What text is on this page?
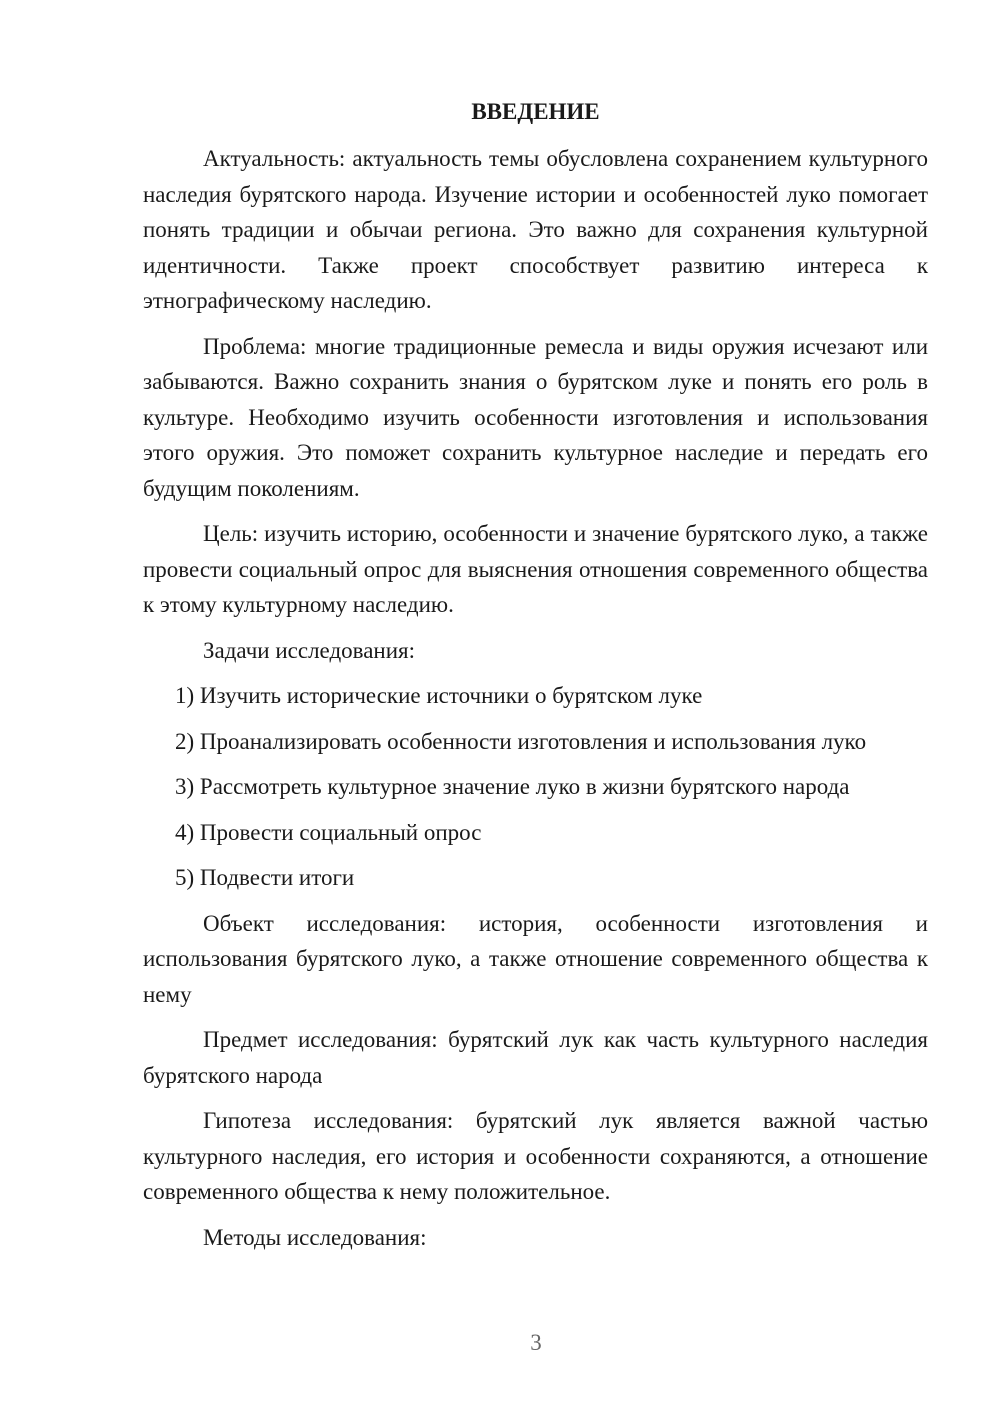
ВВЕДЕНИЕ

Актуальность: актуальность темы обусловлена сохранением культурного наследия бурятского народа. Изучение истории и особенностей луко помогает понять традиции и обычаи региона. Это важно для сохранения культурной идентичности. Также проект способствует развитию интереса к этнографическому наследию.

Проблема: многие традиционные ремесла и виды оружия исчезают или забываются. Важно сохранить знания о бурятском луке и понять его роль в культуре. Необходимо изучить особенности изготовления и использования этого оружия. Это поможет сохранить культурное наследие и передать его будущим поколениям.

Цель: изучить историю, особенности и значение бурятского луко, а также провести социальный опрос для выяснения отношения современного общества к этому культурному наследию.

Задачи исследования:

1) Изучить исторические источники о бурятском луке

2) Проанализировать особенности изготовления и использования луко

3) Рассмотреть культурное значение луко в жизни бурятского народа

4) Провести социальный опрос

5) Подвести итоги

Объект исследования: история, особенности изготовления и использования бурятского луко, а также отношение современного общества к нему

Предмет исследования: бурятский лук как часть культурного наследия бурятского народа

Гипотеза исследования: бурятский лук является важной частью культурного наследия, его история и особенности сохраняются, а отношение современного общества к нему положительное.

Методы исследования:

3
